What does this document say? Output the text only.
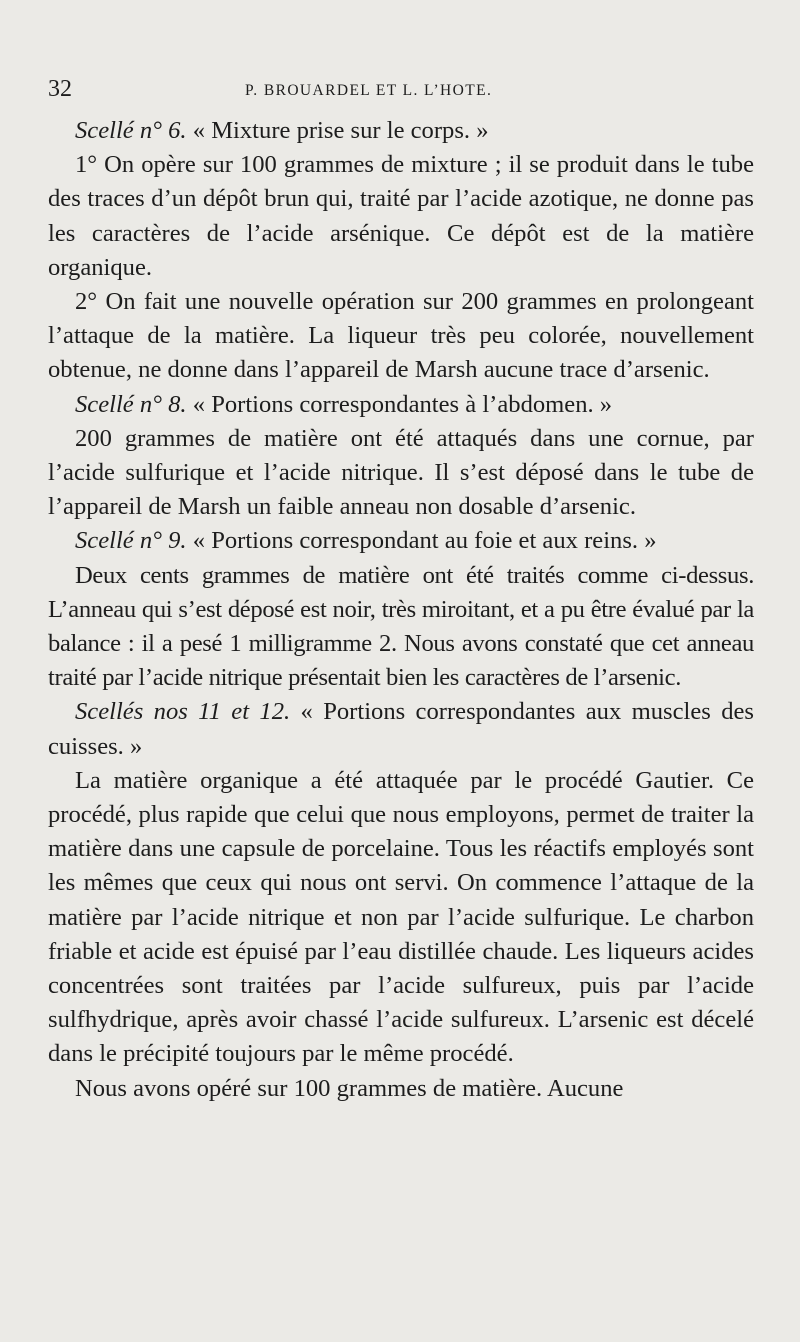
32	P. BROUARDEL ET L. L’HOTE.

Scellé n° 6. « Mixture prise sur le corps. »

1° On opère sur 100 grammes de mixture ; il se produit dans le tube des traces d’un dépôt brun qui, traité par l’acide azotique, ne donne pas les caractères de l’acide arsénique. Ce dépôt est de la matière organique.

2° On fait une nouvelle opération sur 200 grammes en prolongeant l’attaque de la matière. La liqueur très peu colorée, nouvellement obtenue, ne donne dans l’appareil de Marsh aucune trace d’arsenic.

Scellé n° 8. « Portions correspondantes à l’abdomen. »

200 grammes de matière ont été attaqués dans une cornue, par l’acide sulfurique et l’acide nitrique. Il s’est déposé dans le tube de l’appareil de Marsh un faible anneau non dosable d’arsenic.

Scellé n° 9. « Portions correspondant au foie et aux reins. »

Deux cents grammes de matière ont été traités comme ci-dessus. L’anneau qui s’est déposé est noir, très miroitant, et a pu être évalué par la balance : il a pesé 1 milligramme 2. Nous avons constaté que cet anneau traité par l’acide nitrique présentait bien les caractères de l’arsenic.

Scellés nos 11 et 12. « Portions correspondantes aux muscles des cuisses. »

La matière organique a été attaquée par le procédé Gautier. Ce procédé, plus rapide que celui que nous employons, permet de traiter la matière dans une capsule de porcelaine. Tous les réactifs employés sont les mêmes que ceux qui nous ont servi. On commence l’attaque de la matière par l’acide nitrique et non par l’acide sulfurique. Le charbon friable et acide est épuisé par l’eau distillée chaude. Les liqueurs acides concentrées sont traitées par l’acide sulfureux, puis par l’acide sulfhydrique, après avoir chassé l’acide sulfureux. L’arsenic est décelé dans le précipité toujours par le même procédé.

Nous avons opéré sur 100 grammes de matière. Aucune
